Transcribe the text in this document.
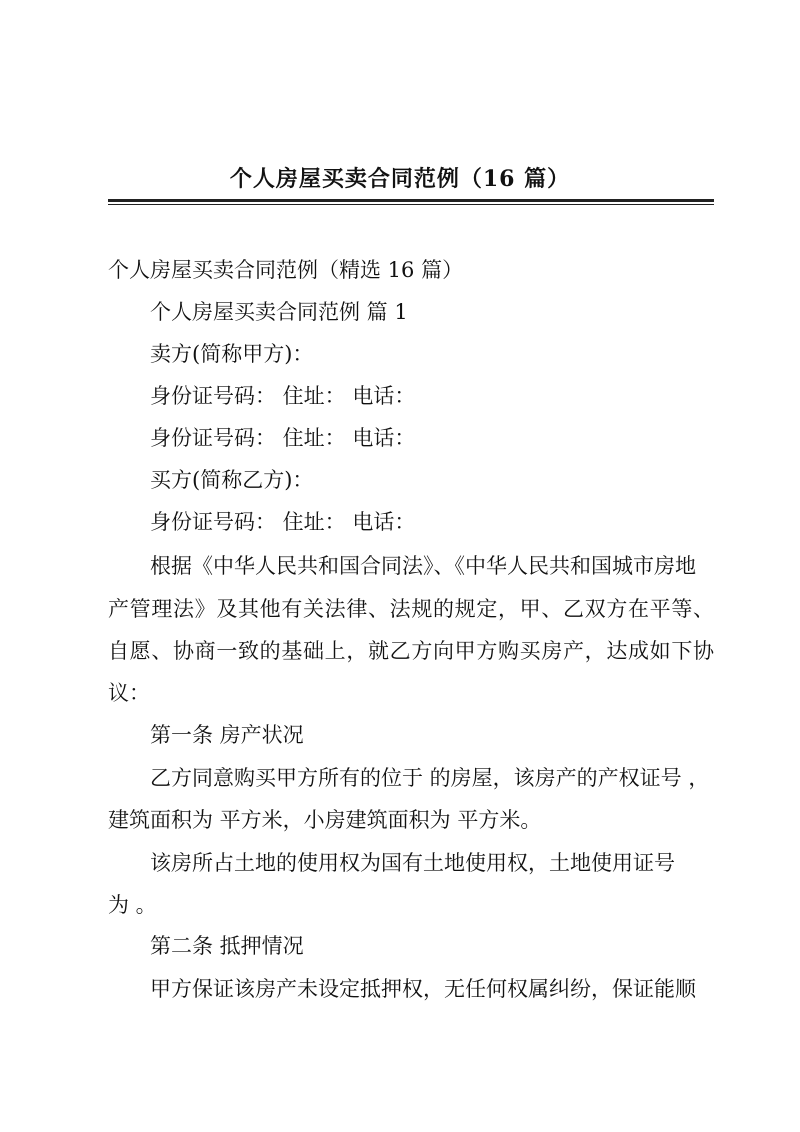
个人房屋买卖合同范例（16 篇）
个人房屋买卖合同范例（精选 16 篇）
个人房屋买卖合同范例 篇 1
卖方(简称甲方)：
身份证号码： 住址： 电话：
身份证号码： 住址： 电话：
买方(简称乙方)：
身份证号码： 住址： 电话：
根据《中华人民共和国合同法》、《中华人民共和国城市房地
产管理法》及其他有关法律、法规的规定，甲、乙双方在平等、
自愿、协商一致的基础上，就乙方向甲方购买房产，达成如下协
议：
第一条 房产状况
乙方同意购买甲方所有的位于 的房屋，该房产的产权证号 ，
建筑面积为 平方米，小房建筑面积为 平方米。
该房所占土地的使用权为国有土地使用权，土地使用证号
为 。
第二条 抵押情况
甲方保证该房产未设定抵押权，无任何权属纠纷，保证能顺
